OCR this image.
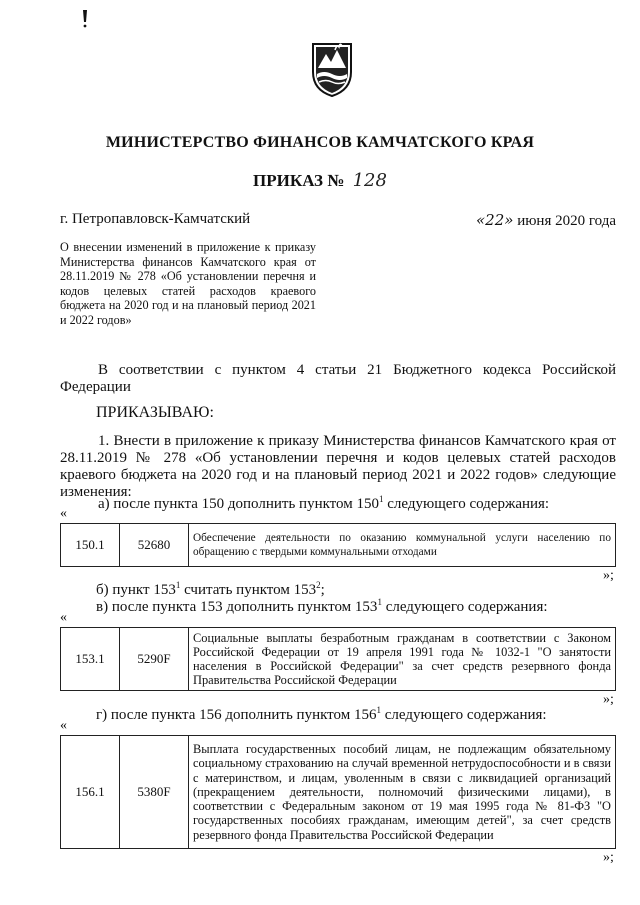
МИНИСТЕРСТВО ФИНАНСОВ КАМЧАТСКОГО КРАЯ
ПРИКАЗ № 128
г. Петропавловск-Камчатский	«22» июня 2020 года
О внесении изменений в приложение к приказу Министерства финансов Камчатского края от 28.11.2019 № 278 «Об установлении перечня и кодов целевых статей расходов краевого бюджета на 2020 год и на плановый период 2021 и 2022 годов»
В соответствии с пунктом 4 статьи 21 Бюджетного кодекса Российской Федерации
ПРИКАЗЫВАЮ:
1. Внести в приложение к приказу Министерства финансов Камчатского края от 28.11.2019 № 278 «Об установлении перечня и кодов целевых статей расходов краевого бюджета на 2020 год и на плановый период 2021 и 2022 годов» следующие изменения:
а) после пункта 150 дополнить пунктом $150^1$ следующего содержания:
«
150.1	52680	Обеспечение деятельности по оказанию коммунальной услуги населению по обращению с твердыми коммунальными отходами
»;
б) пункт $153^1$ считать пунктом $153^2$;
в) после пункта 153 дополнить пунктом $153^1$ следующего содержания:
«
153.1	5290F	Социальные выплаты безработным гражданам в соответствии с Законом Российской Федерации от 19 апреля 1991 года № 1032-1 "О занятости населения в Российской Федерации" за счет средств резервного фонда Правительства Российской Федерации
»;
г) после пункта 156 дополнить пунктом $156^1$ следующего содержания:
«
156.1	5380F	Выплата государственных пособий лицам, не подлежащим обязательному социальному страхованию на случай временной нетрудоспособности и в связи с материнством, и лицам, уволенным в связи с ликвидацией организаций (прекращением деятельности, полномочий физическими лицами), в соответствии с Федеральным законом от 19 мая 1995 года № 81-ФЗ "О государственных пособиях гражданам, имеющим детей", за счет средств резервного фонда Правительства Российской Федерации
»;
